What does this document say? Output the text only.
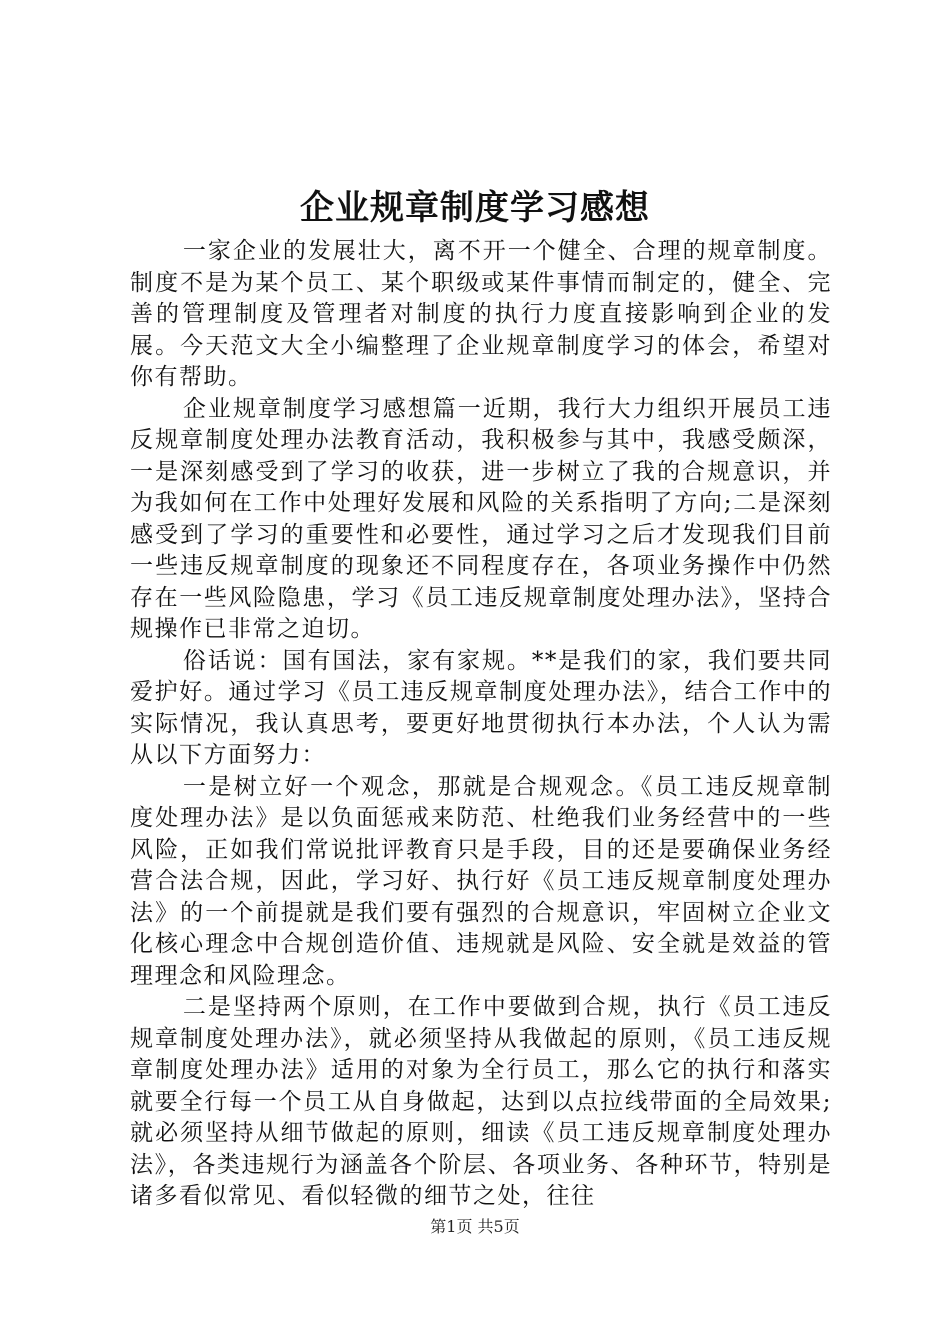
企业规章制度学习感想

一家企业的发展壮大，离不开一个健全、合理的规章制度。制度不是为某个员工、某个职级或某件事情而制定的，健全、完善的管理制度及管理者对制度的执行力度直接影响到企业的发展。今天范文大全小编整理了企业规章制度学习的体会，希望对你有帮助。

企业规章制度学习感想篇一近期，我行大力组织开展员工违反规章制度处理办法教育活动，我积极参与其中，我感受颇深，一是深刻感受到了学习的收获，进一步树立了我的合规意识，并为我如何在工作中处理好发展和风险的关系指明了方向;二是深刻感受到了学习的重要性和必要性，通过学习之后才发现我们目前一些违反规章制度的现象还不同程度存在，各项业务操作中仍然存在一些风险隐患，学习《员工违反规章制度处理办法》，坚持合规操作已非常之迫切。

俗话说：国有国法，家有家规。**是我们的家，我们要共同爱护好。通过学习《员工违反规章制度处理办法》，结合工作中的实际情况，我认真思考，要更好地贯彻执行本办法，个人认为需从以下方面努力：

一是树立好一个观念，那就是合规观念。《员工违反规章制度处理办法》是以负面惩戒来防范、杜绝我们业务经营中的一些风险，正如我们常说批评教育只是手段，目的还是要确保业务经营合法合规，因此，学习好、执行好《员工违反规章制度处理办法》的一个前提就是我们要有强烈的合规意识，牢固树立企业文化核心理念中合规创造价值、违规就是风险、安全就是效益的管理理念和风险理念。

二是坚持两个原则，在工作中要做到合规，执行《员工违反规章制度处理办法》，就必须坚持从我做起的原则，《员工违反规章制度处理办法》适用的对象为全行员工，那么它的执行和落实就要全行每一个员工从自身做起，达到以点拉线带面的全局效果;就必须坚持从细节做起的原则，细读《员工违反规章制度处理办法》，各类违规行为涵盖各个阶层、各项业务、各种环节，特别是诸多看似常见、看似轻微的细节之处，往往

第1页 共5页
